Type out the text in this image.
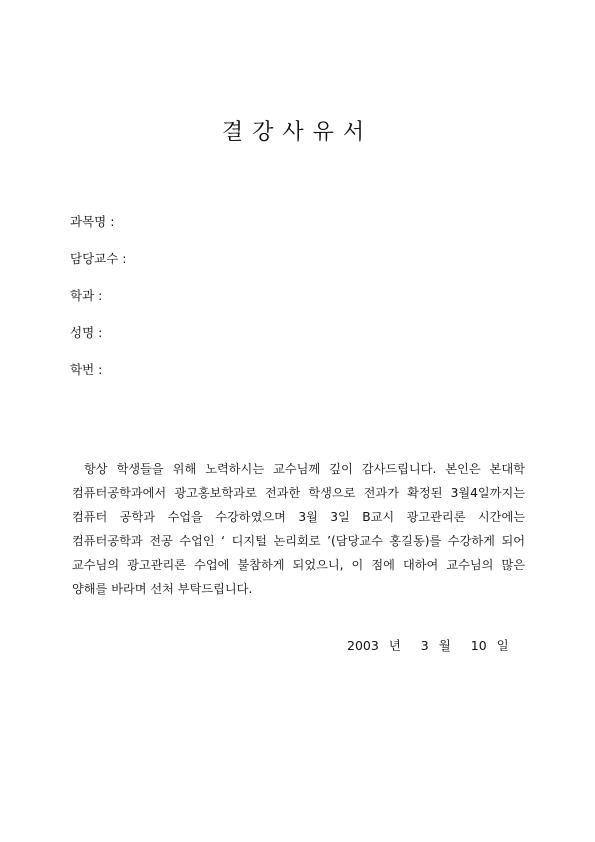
결강사유서
과목명 :
담당교수 :
학과 :
성명 :
학번 :

항상 학생들을 위해 노력하시는 교수님께 깊이 감사드립니다. 본인은 본대학 컴퓨터공학과에서 광고홍보학과로 전과한 학생으로 전과가 확정된 3월4일까지는 컴퓨터 공학과 수업을 수강하였으며 3월 3일 B교시 광고관리론 시간에는 컴퓨터공학과 전공 수업인 ‘ 디지털 논리회로 ’(담당교수 홍길동)를 수강하게 되어 교수님의 광고관리론 수업에 불참하게 되었으니, 이 점에 대하여 교수님의 많은 양해를 바라며 선처 부탁드립니다.

2003 년  3 월  10 일
